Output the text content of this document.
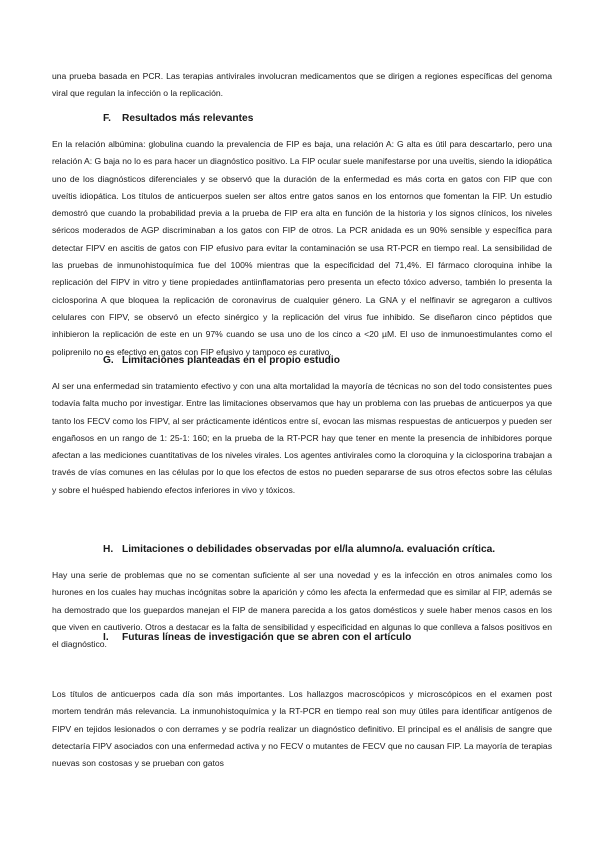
una prueba basada en PCR. Las terapias antivirales involucran medicamentos que se dirigen a regiones específicas del genoma viral que regulan la infección o la replicación.

F. Resultados más relevantes

En la relación albúmina: globulina cuando la prevalencia de FIP es baja, una relación A: G alta es útil para descartarlo, pero una relación A: G baja no lo es para hacer un diagnóstico positivo. La FIP ocular suele manifestarse por una uveítis, siendo la idiopática uno de los diagnósticos diferenciales y se observó que la duración de la enfermedad es más corta en gatos con FIP que con uveítis idiopática. Los títulos de anticuerpos suelen ser altos entre gatos sanos en los entornos que fomentan la FIP. Un estudio demostró que cuando la probabilidad previa a la prueba de FIP era alta en función de la historia y los signos clínicos, los niveles séricos moderados de AGP discriminaban a los gatos con FIP de otros. La PCR anidada es un 90% sensible y específica para detectar FIPV en ascitis de gatos con FIP efusivo para evitar la contaminación se usa RT-PCR en tiempo real. La sensibilidad de las pruebas de inmunohistoquímica fue del 100% mientras que la especificidad del 71,4%. El fármaco cloroquina inhibe la replicación del FIPV in vitro y tiene propiedades antiinflamatorias pero presenta un efecto tóxico adverso, también lo presenta la ciclosporina A que bloquea la replicación de coronavirus de cualquier género. La GNA y el nelfinavir se agregaron a cultivos celulares con FIPV, se observó un efecto sinérgico y la replicación del virus fue inhibido. Se diseñaron cinco péptidos que inhibieron la replicación de este en un 97% cuando se usa uno de los cinco a <20 µM. El uso de inmunoestimulantes como el poliprenilo no es efectivo en gatos con FIP efusivo y tampoco es curativo.

G. Limitaciones planteadas en el propio estudio

Al ser una enfermedad sin tratamiento efectivo y con una alta mortalidad la mayoría de técnicas no son del todo consistentes pues todavía falta mucho por investigar. Entre las limitaciones observamos que hay un problema con las pruebas de anticuerpos ya que tanto los FECV como los FIPV, al ser prácticamente idénticos entre sí, evocan las mismas respuestas de anticuerpos y pueden ser engañosos en un rango de 1: 25-1: 160; en la prueba de la RT-PCR hay que tener en mente la presencia de inhibidores porque afectan a las mediciones cuantitativas de los niveles virales. Los agentes antivirales como la cloroquina y la ciclosporina trabajan a través de vías comunes en las células por lo que los efectos de estos no pueden separarse de sus otros efectos sobre las células y sobre el huésped habiendo efectos inferiores in vivo y tóxicos.

H. Limitaciones o debilidades observadas por el/la alumno/a. evaluación crítica.

Hay una serie de problemas que no se comentan suficiente al ser una novedad y es la infección en otros animales como los hurones en los cuales hay muchas incógnitas sobre la aparición y cómo les afecta la enfermedad que es similar al FIP, además se ha demostrado que los guepardos manejan el FIP de manera parecida a los gatos domésticos y suele haber menos casos en los que viven en cautiverio. Otros a destacar es la falta de sensibilidad y especificidad en algunas lo que conlleva a falsos positivos en el diagnóstico.

I. Futuras líneas de investigación que se abren con el artículo

Los títulos de anticuerpos cada día son más importantes. Los hallazgos macroscópicos y microscópicos en el examen post mortem tendrán más relevancia. La inmunohistoquímica y la RT-PCR en tiempo real son muy útiles para identificar antígenos de FIPV en tejidos lesionados o con derrames y se podría realizar un diagnóstico definitivo. El principal es el análisis de sangre que detectaría FIPV asociados con una enfermedad activa y no FECV o mutantes de FECV que no causan FIP. La mayoría de terapias nuevas son costosas y se prueban con gatos
